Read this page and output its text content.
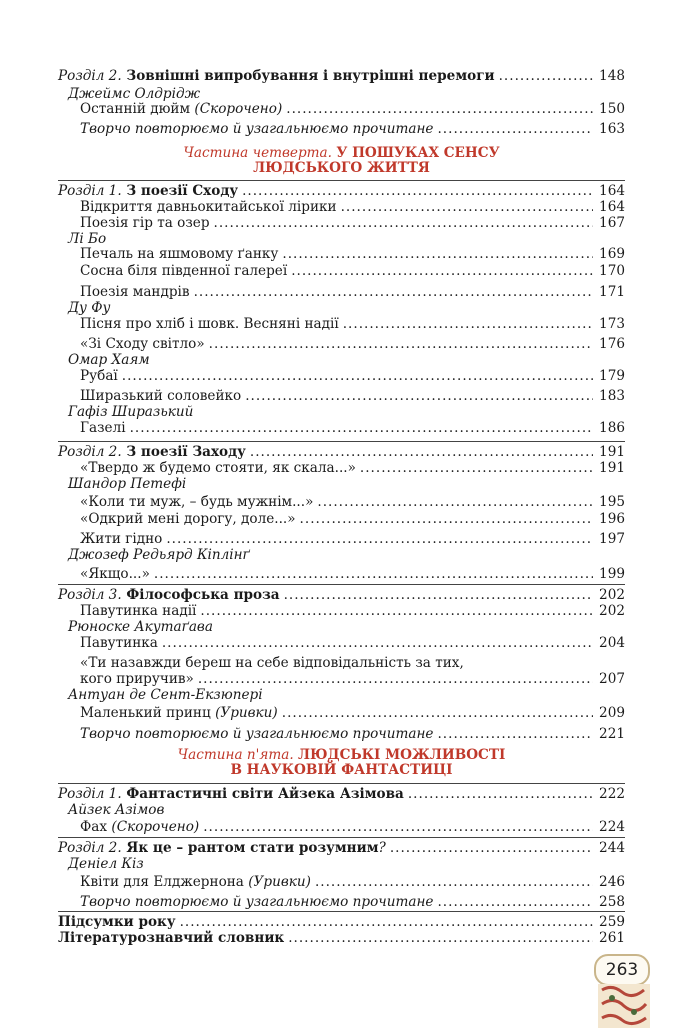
Розділ 2. Зовнішні випробування і внутрішні перемоги .....	148
Джеймс Олдрідж
Останній дюйм (Скорочено) .....	150
Творчо повторюємо й узагальнюємо прочитане .....	163
Розділ 1. З поезії Сходу .....	164
Відкриття давньокитайської лірики .....	164
Поезія гір та озер .....	167
Лі Бо
Печаль на яшмовому ґанку .....	169
Сосна біля південної галереї .....	170
Поезія мандрів .....	171
Ду Фу
Пісня про хліб і шовк. Весняні надії .....	173
«Зі Сходу світло» .....	176
Омар Хаям
Рубаї .....	179
Ширазький соловейко .....	183
Гафіз Ширазький
Газелі .....	186
Розділ 2. З поезії Заходу .....	191
«Твердо ж будемо стояти, як скала...» .....	191
Шандор Петефі
«Коли ти муж, – будь мужнім...» .....	195
«Одкрий мені дорогу, доле...» .....	196
Жити гідно .....	197
Джозеф Редьярд Кіплінґ
«Якщо...» .....	199
Розділ 3. Філософська проза .....	202
Павутинка надії .....	202
Рюноске Акутаґава
Павутинка .....	204
«Ти назавжди береш на себе відповідальність за тих,
кого приручив» .....	207
Антуан де Сент-Екзюпері
Маленький принц (Уривки) .....	209
Творчо повторюємо й узагальнюємо прочитане .....	221
Розділ 1. Фантастичні світи Айзека Азімова .....	222
Айзек Азімов
Фах (Скорочено) .....	224
Розділ 2. Як це – рантом стати розумним? .....	244
Деніел Кіз
Квіти для Елджернона (Уривки) .....	246
Творчо повторюємо й узагальнюємо прочитане .....	258
Підсумки року .....	259
Літературознавчий словник .....	261
Частина четверта. У ПОШУКАХ СЕНСУ
ЛЮДСЬКОГО ЖИТТЯ
Частина п'ята. ЛЮДСЬКІ МОЖЛИВОСТІ
В НАУКОВІЙ ФАНТАСТИЦІ
263
